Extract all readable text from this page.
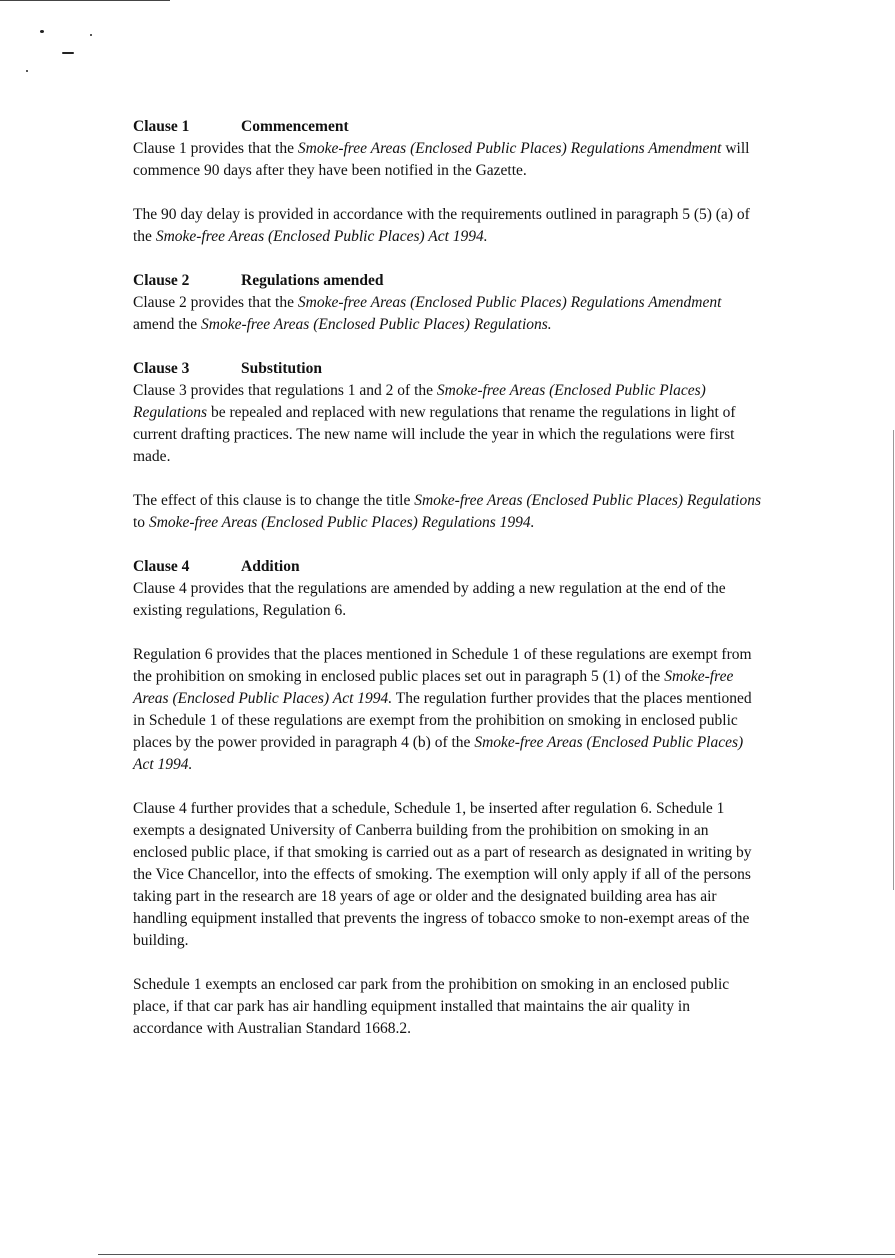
Clause 1	Commencement

Clause 1 provides that the Smoke-free Areas (Enclosed Public Places) Regulations Amendment will commence 90 days after they have been notified in the Gazette.

The 90 day delay is provided in accordance with the requirements outlined in paragraph 5 (5) (a) of the Smoke-free Areas (Enclosed Public Places) Act 1994.

Clause 2	Regulations amended

Clause 2 provides that the Smoke-free Areas (Enclosed Public Places) Regulations Amendment amend the Smoke-free Areas (Enclosed Public Places) Regulations.

Clause 3	Substitution

Clause 3 provides that regulations 1 and 2 of the Smoke-free Areas (Enclosed Public Places) Regulations be repealed and replaced with new regulations that rename the regulations in light of current drafting practices. The new name will include the year in which the regulations were first made.

The effect of this clause is to change the title Smoke-free Areas (Enclosed Public Places) Regulations to Smoke-free Areas (Enclosed Public Places) Regulations 1994.

Clause 4	Addition

Clause 4 provides that the regulations are amended by adding a new regulation at the end of the existing regulations, Regulation 6.

Regulation 6 provides that the places mentioned in Schedule 1 of these regulations are exempt from the prohibition on smoking in enclosed public places set out in paragraph 5 (1) of the Smoke-free Areas (Enclosed Public Places) Act 1994. The regulation further provides that the places mentioned in Schedule 1 of these regulations are exempt from the prohibition on smoking in enclosed public places by the power provided in paragraph 4 (b) of the Smoke-free Areas (Enclosed Public Places) Act 1994.

Clause 4 further provides that a schedule, Schedule 1, be inserted after regulation 6. Schedule 1 exempts a designated University of Canberra building from the prohibition on smoking in an enclosed public place, if that smoking is carried out as a part of research as designated in writing by the Vice Chancellor, into the effects of smoking. The exemption will only apply if all of the persons taking part in the research are 18 years of age or older and the designated building area has air handling equipment installed that prevents the ingress of tobacco smoke to non-exempt areas of the building.

Schedule 1 exempts an enclosed car park from the prohibition on smoking in an enclosed public place, if that car park has air handling equipment installed that maintains the air quality in accordance with Australian Standard 1668.2.
